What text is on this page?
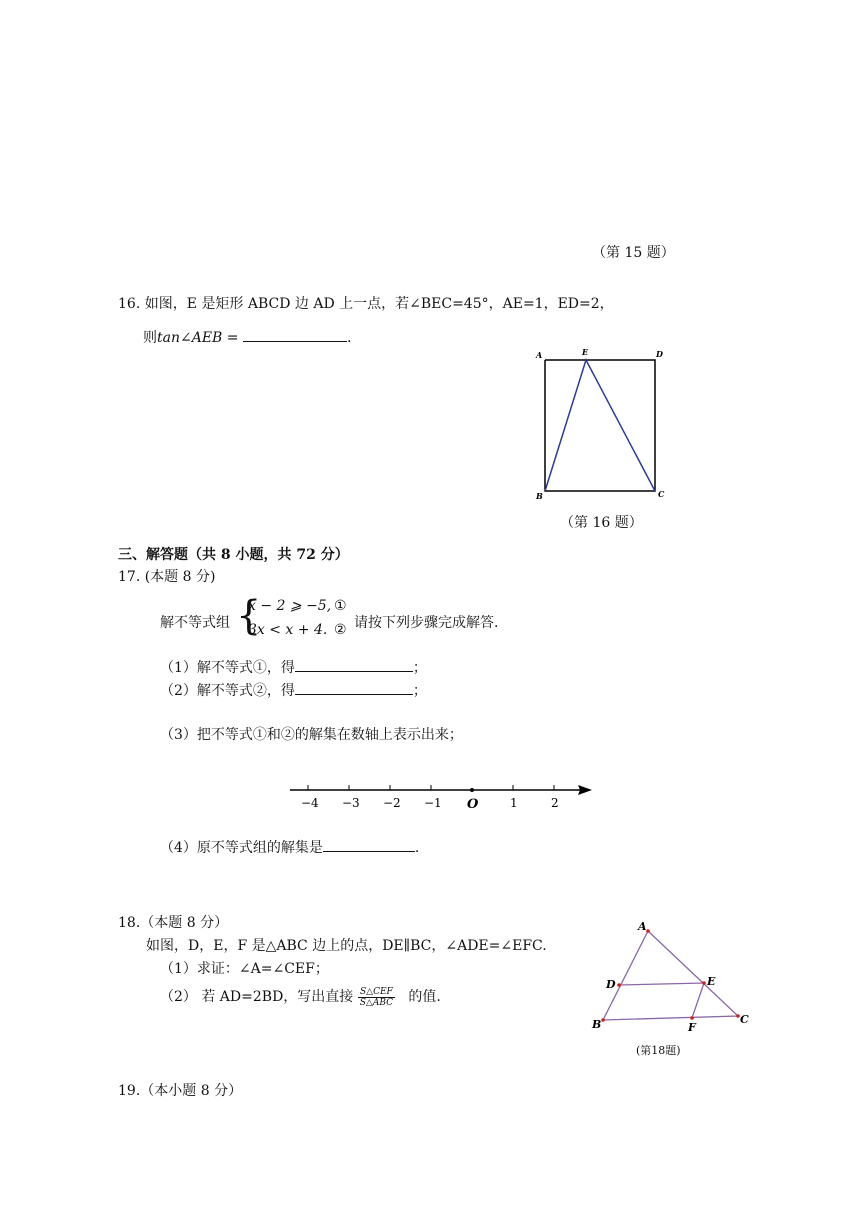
（第 15 题）
16. 如图，E 是矩形 ABCD 边 AD 上一点，若∠BEC=45°，AE=1，ED=2，
则tan∠AEB =	.
A	E	D
B	C
（第 16 题）
三、解答题（共 8 小题，共 72 分）
17. (本题 8 分)
解不等式组 {
x − 2 ⩾ −5, ①
3x < x + 4. ② 请按下列步骤完成解答.
（1）解不等式①，得	；
（2）解不等式②，得	；
（3）把不等式①和②的解集在数轴上表示出来；
−4 −3 −2 −1 O	1	2
（4）原不等式组的解集是	.
18.（本题 8 分）
如图，D，E，F 是△ABC 边上的点，DE∥BC，∠ADE=∠EFC.
（1）求证：∠A=∠CEF；
（2） 若 AD=2BD，写出直接 $\frac{\text{S△CEF}}{\text{S△ABC}}$ 的值.
A
B	C
D	E
F
(第18题)
19.（本小题 8 分）
